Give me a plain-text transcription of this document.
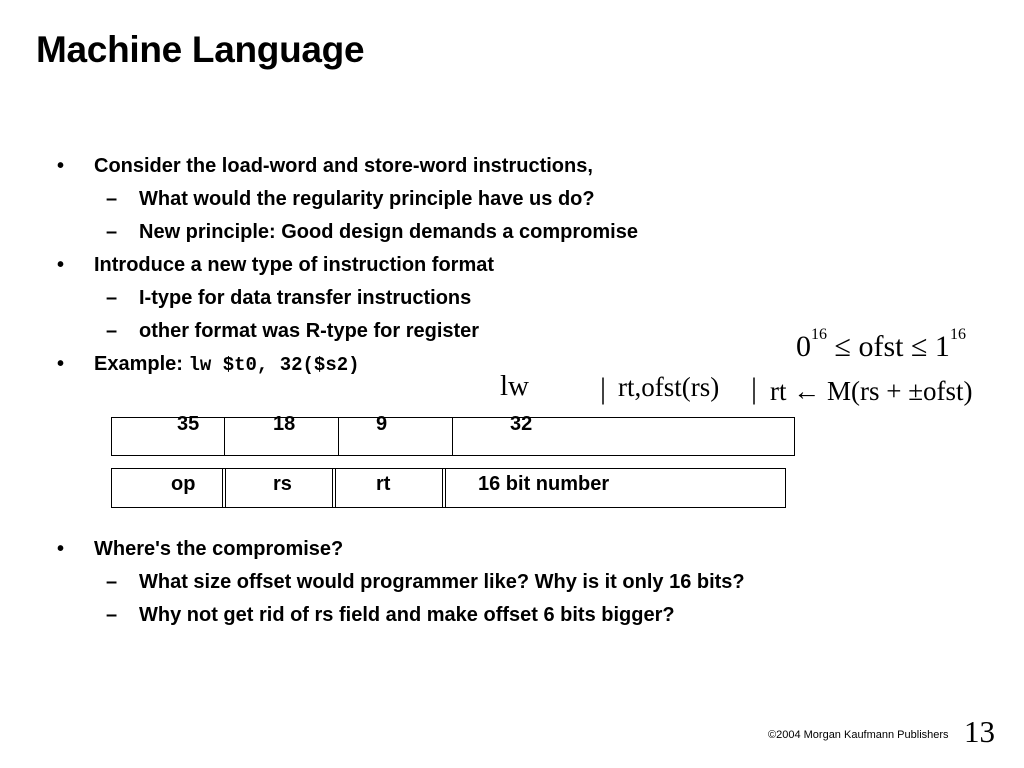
Machine Language
• Consider the load-word and store-word instructions,
– What would the regularity principle have us do?
– New principle: Good design demands a compromise
• Introduce a new type of instruction format
– I-type for data transfer instructions
– other format was R-type for register
• Example: lw $t0, 32($s2)
$0^{16}$ ≤ ofst ≤ $1^{16}$
lw | rt,ofst(rs) | rt ← M(rs + ±ofst)
35	18	9	32
op	rs	rt	16 bit number
• Where's the compromise?
– What size offset would programmer like? Why is it only 16 bits?
– Why not get rid of rs field and make offset 6 bits bigger?
©2004 Morgan Kaufmann Publishers 13
